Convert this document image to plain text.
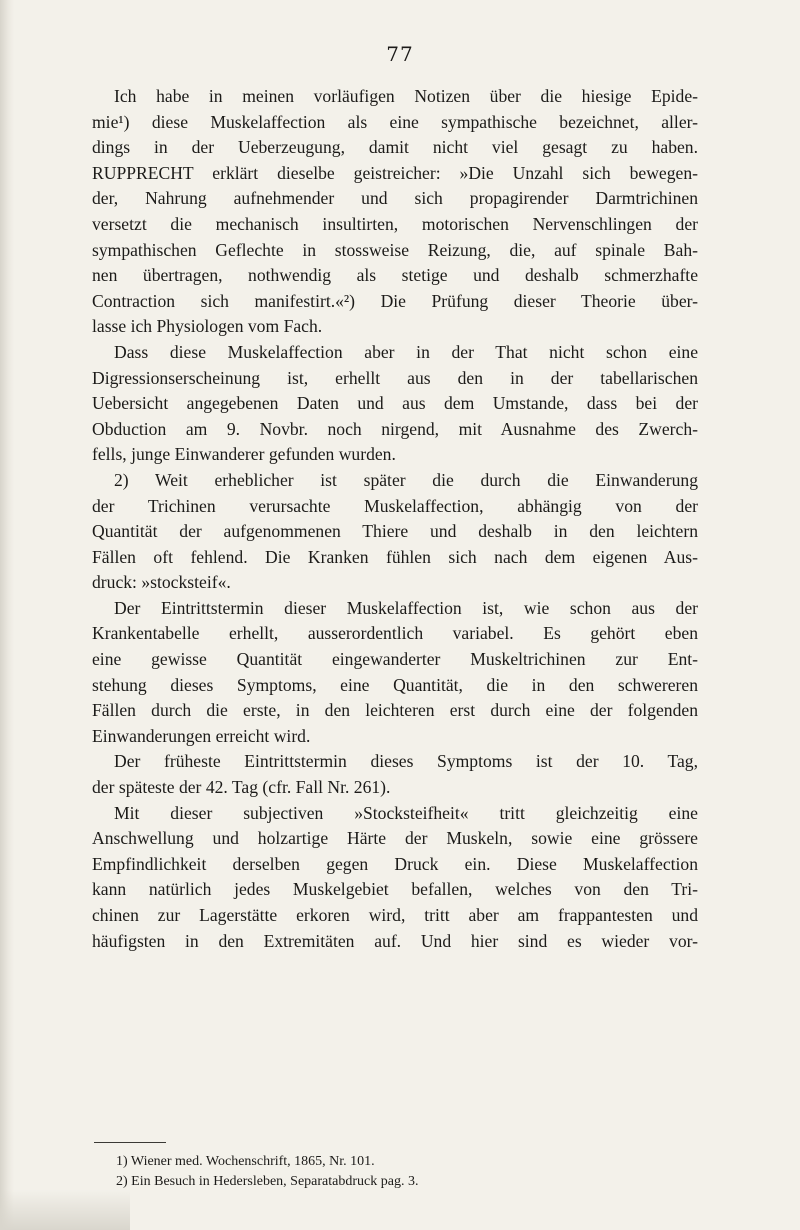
77
Ich habe in meinen vorläufigen Notizen über die hiesige Epide-
mie¹) diese Muskelaffection als eine sympathische bezeichnet, aller-
dings in der Ueberzeugung, damit nicht viel gesagt zu haben.
RUPPRECHT erklärt dieselbe geistreicher: »Die Unzahl sich bewegen-
der, Nahrung aufnehmender und sich propagirender Darmtrichinen
versetzt die mechanisch insultirten, motorischen Nervenschlingen der
sympathischen Geflechte in stossweise Reizung, die, auf spinale Bah-
nen übertragen, nothwendig als stetige und deshalb schmerzhafte
Contraction sich manifestirt.«²) Die Prüfung dieser Theorie über-
lasse ich Physiologen vom Fach.
Dass diese Muskelaffection aber in der That nicht schon eine
Digressionserscheinung ist, erhellt aus den in der tabellarischen
Uebersicht angegebenen Daten und aus dem Umstande, dass bei der
Obduction am 9. Novbr. noch nirgend, mit Ausnahme des Zwerch-
fells, junge Einwanderer gefunden wurden.
2) Weit erheblicher ist später die durch die Einwanderung
der Trichinen verursachte Muskelaffection, abhängig von der
Quantität der aufgenommenen Thiere und deshalb in den leichtern
Fällen oft fehlend. Die Kranken fühlen sich nach dem eigenen Aus-
druck: »stocksteif«.
Der Eintrittstermin dieser Muskelaffection ist, wie schon aus der
Krankentabelle erhellt, ausserordentlich variabel. Es gehört eben
eine gewisse Quantität eingewanderter Muskeltrichinen zur Ent-
stehung dieses Symptoms, eine Quantität, die in den schwereren
Fällen durch die erste, in den leichteren erst durch eine der folgenden
Einwanderungen erreicht wird.
Der früheste Eintrittstermin dieses Symptoms ist der 10. Tag,
der späteste der 42. Tag (cfr. Fall Nr. 261).
Mit dieser subjectiven »Stocksteifheit« tritt gleichzeitig eine
Anschwellung und holzartige Härte der Muskeln, sowie eine grössere
Empfindlichkeit derselben gegen Druck ein. Diese Muskelaffection
kann natürlich jedes Muskelgebiet befallen, welches von den Tri-
chinen zur Lagerstätte erkoren wird, tritt aber am frappantesten und
häufigsten in den Extremitäten auf. Und hier sind es wieder vor-
1) Wiener med. Wochenschrift, 1865, Nr. 101.
2) Ein Besuch in Hedersleben, Separatabdruck pag. 3.
